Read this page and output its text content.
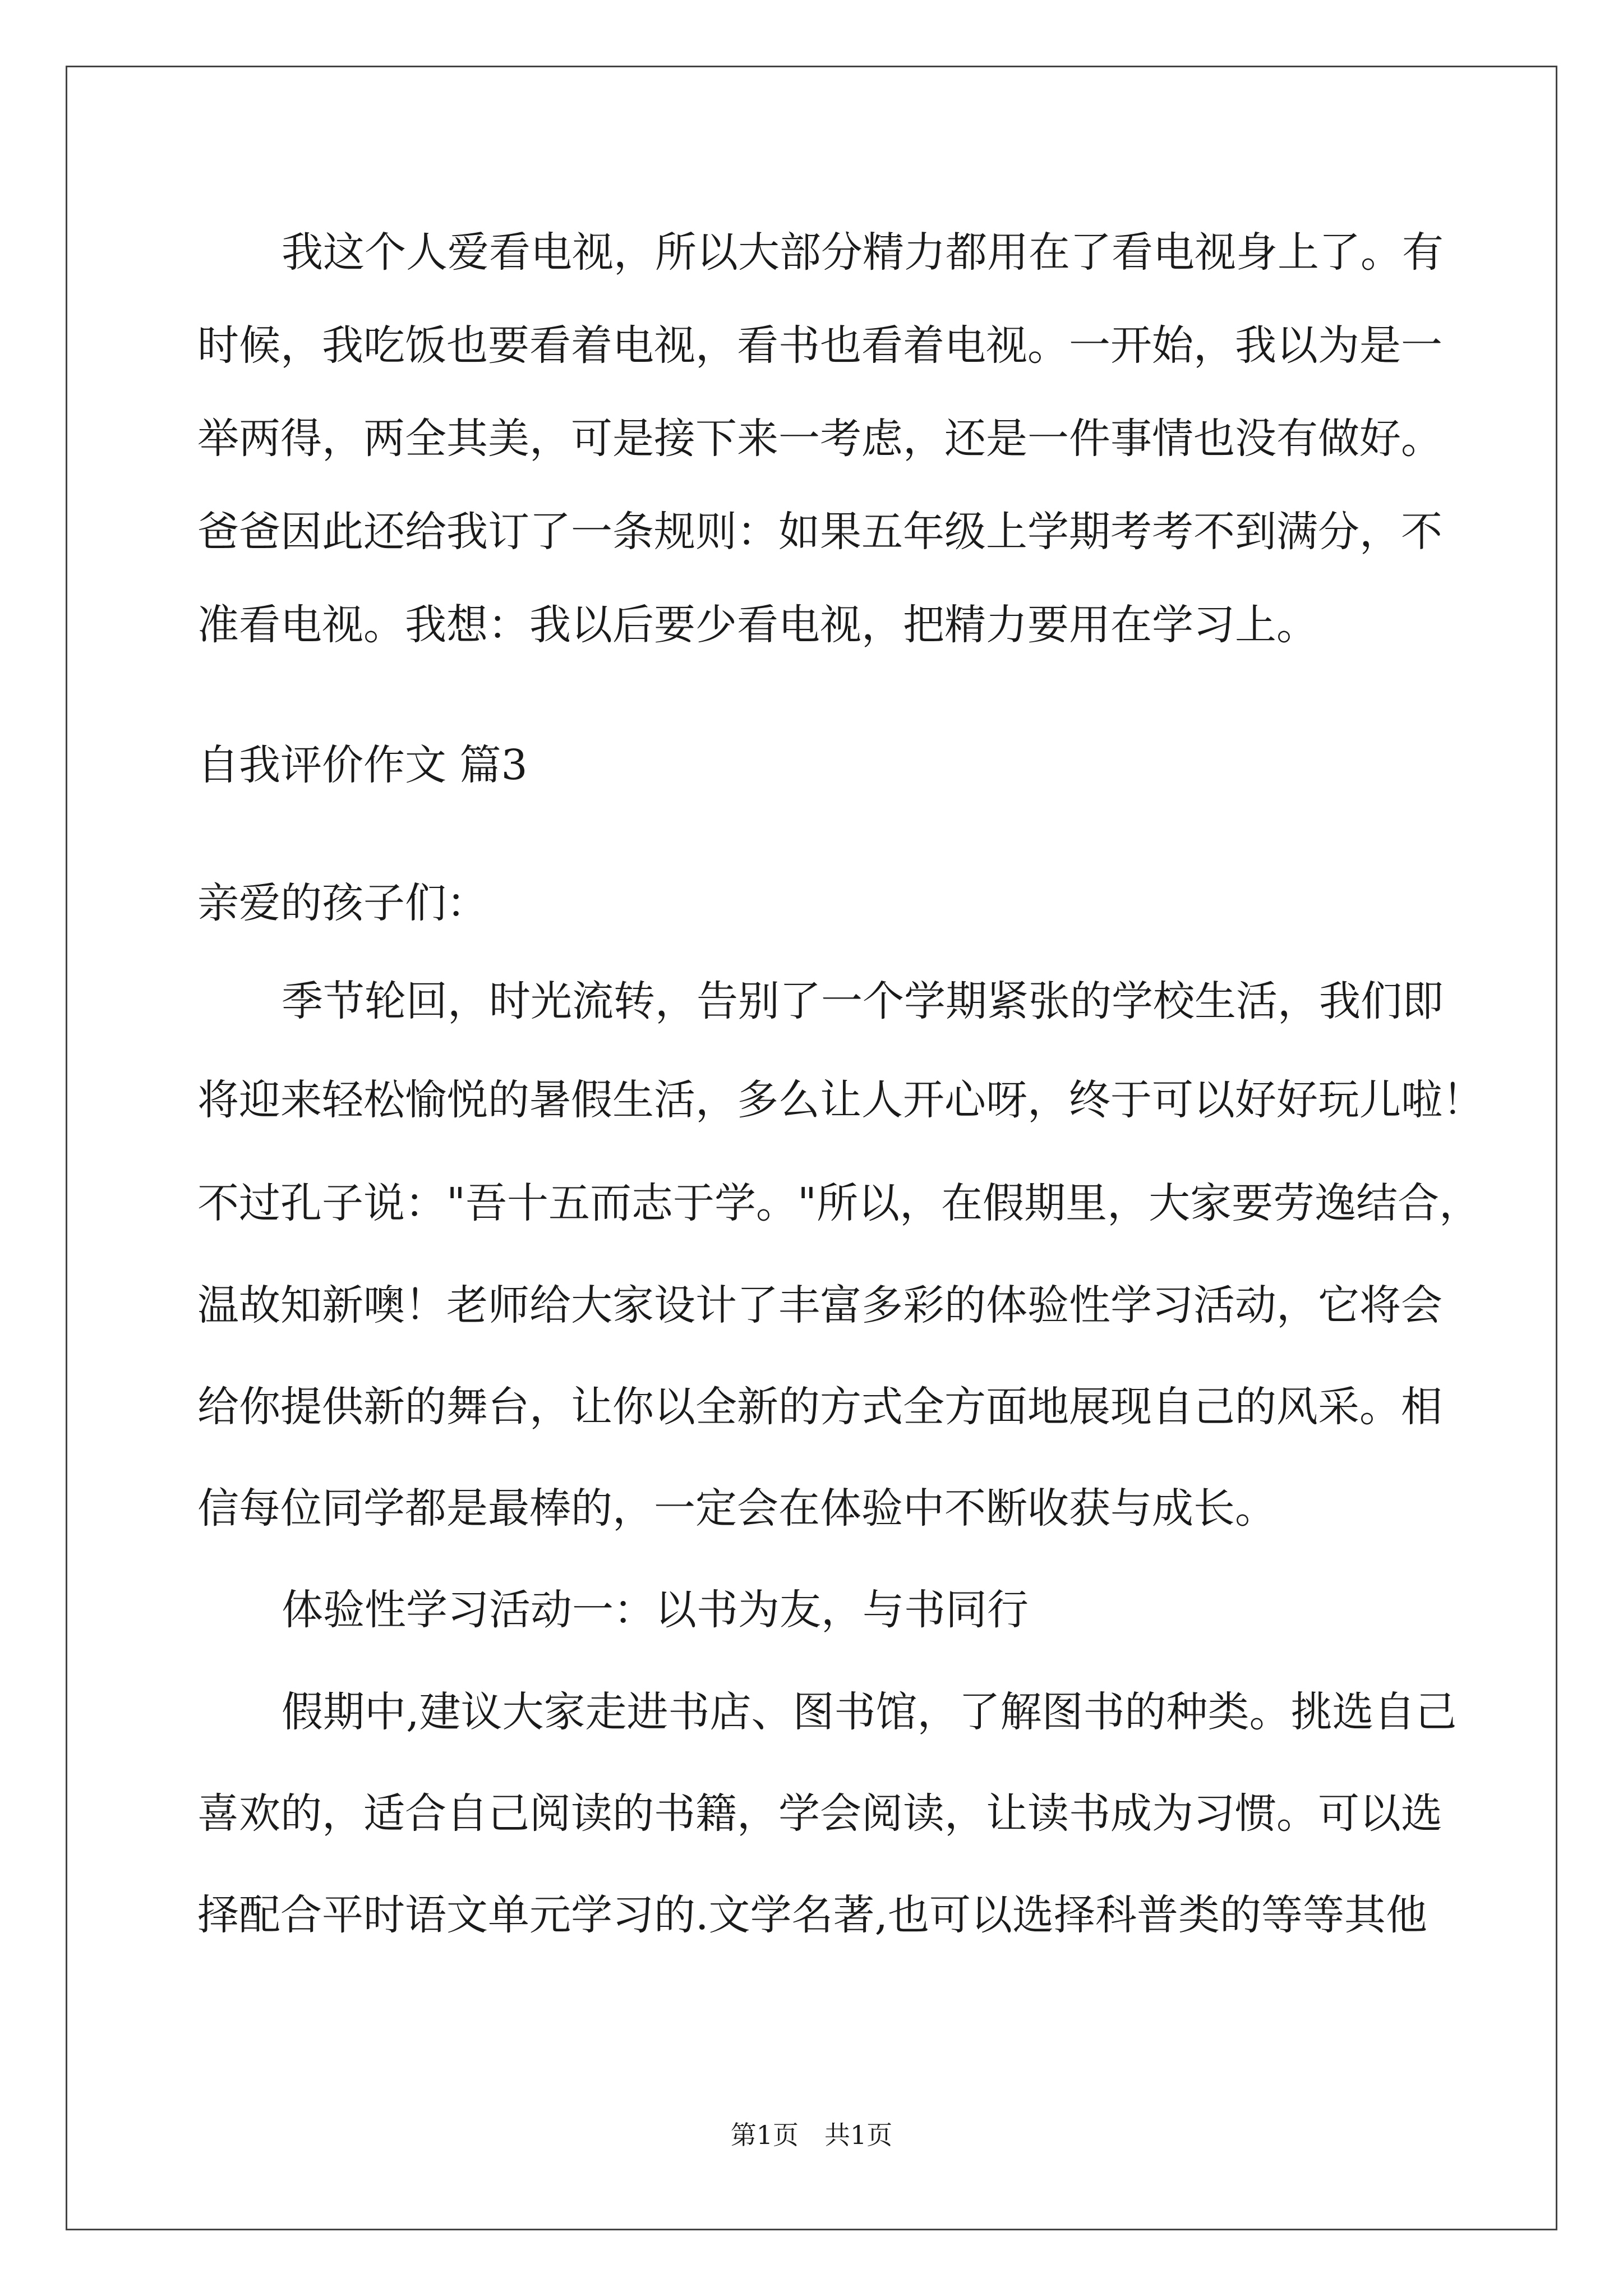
我这个人爱看电视，所以大部分精力都用在了看电视身上了。有
时候，我吃饭也要看着电视，看书也看着电视。一开始，我以为是一
举两得，两全其美，可是接下来一考虑，还是一件事情也没有做好。
爸爸因此还给我订了一条规则：如果五年级上学期考考不到满分，不
准看电视。我想：我以后要少看电视，把精力要用在学习上。
自我评价作文 篇3
亲爱的孩子们：
季节轮回，时光流转，告别了一个学期紧张的学校生活，我们即
将迎来轻松愉悦的暑假生活，多么让人开心呀，终于可以好好玩儿啦！
不过孔子说："吾十五而志于学。"所以，在假期里，大家要劳逸结合，
温故知新噢！老师给大家设计了丰富多彩的体验性学习活动，它将会
给你提供新的舞台，让你以全新的方式全方面地展现自己的风采。相
信每位同学都是最棒的，一定会在体验中不断收获与成长。
体验性学习活动一：以书为友，与书同行
假期中,建议大家走进书店、图书馆，了解图书的种类。挑选自己
喜欢的，适合自己阅读的书籍，学会阅读，让读书成为习惯。可以选
择配合平时语文单元学习的.文学名著,也可以选择科普类的等等其他
第1页　共1页
